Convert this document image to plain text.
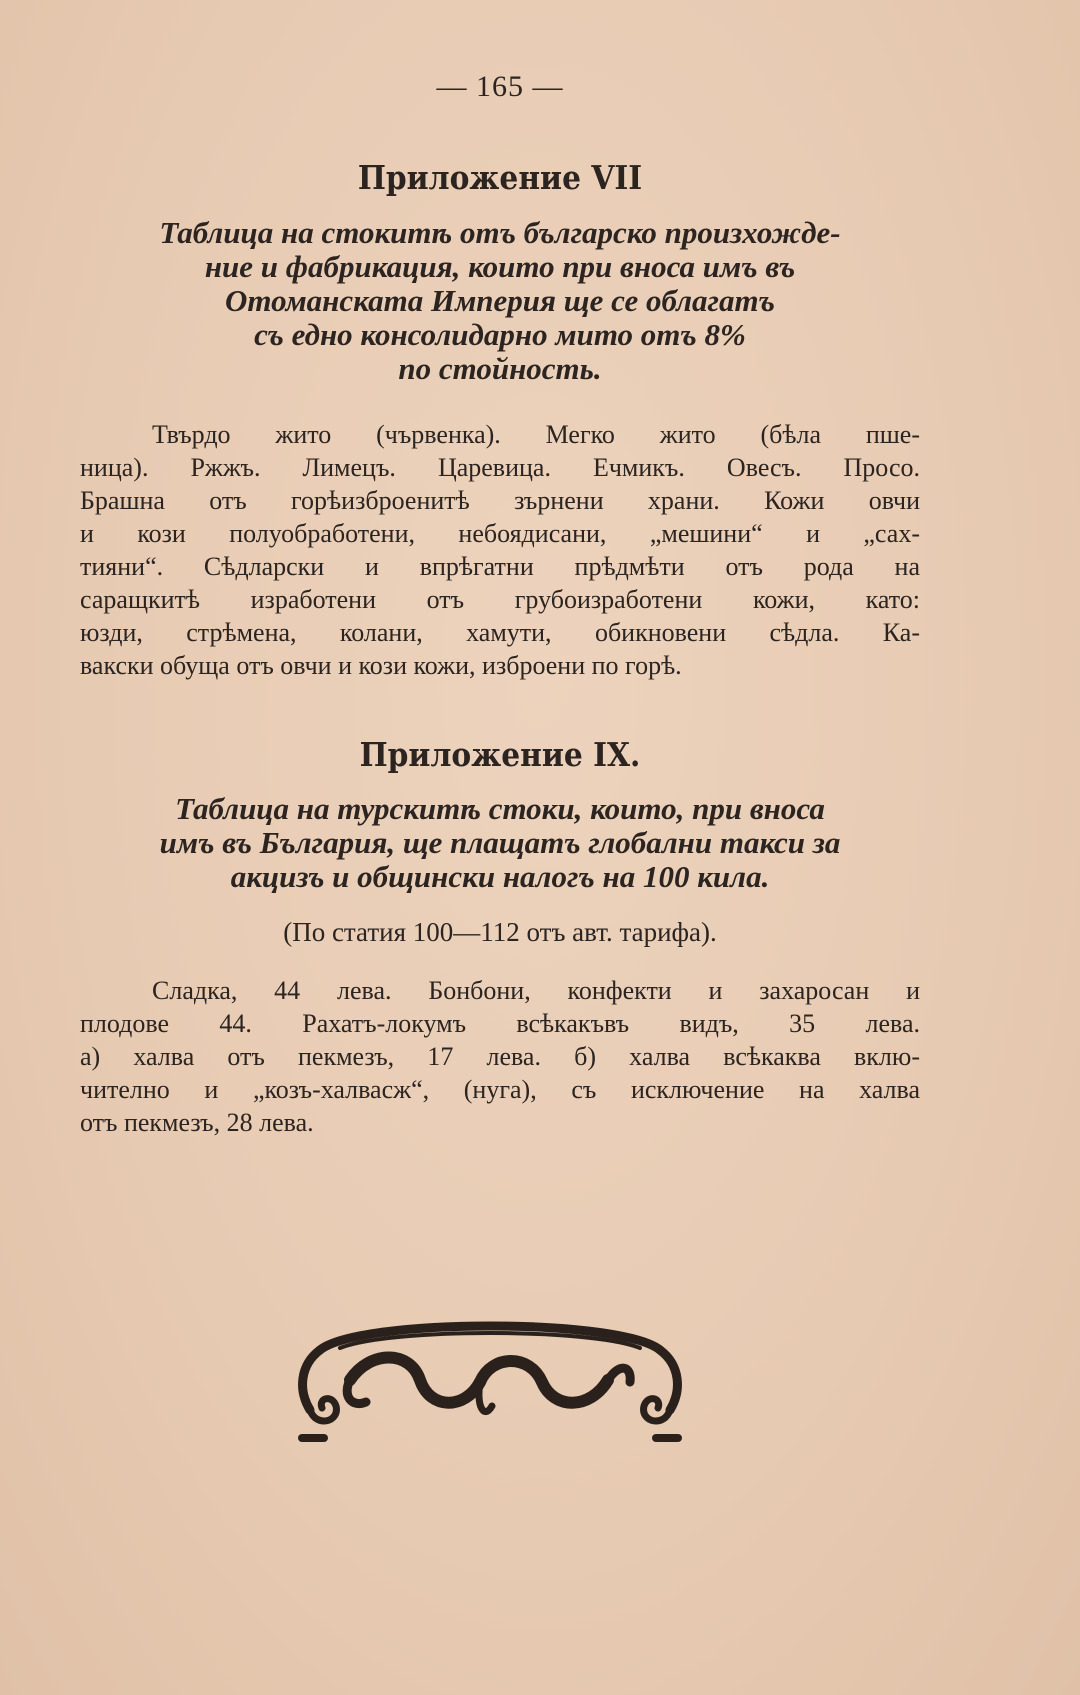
— 165 —
Приложение VII
Таблица на стокитѣ отъ българско произхождe-
ние и фабрикация, които при вноса имъ въ
Отоманската Империя ще се облагатъ
съ едно консолидарно мито отъ 8%
по стойность.
Твърдо жито (чървенка). Мегко жито (бѣла пше-
ница). Ржжъ. Лимецъ. Царевица. Ечмикъ. Овесъ. Просо.
Брашна отъ горѣизброенитѣ зърнени храни. Кожи овчи
и кози полуобработени, небоядисани, „мешини“ и „сах-
тияни“. Сѣдларски и впрѣгатни прѣдмѣти отъ рода на
саращкитѣ изработени отъ грубоизработени кожи, като:
юзди, стрѣмена, колани, хамути, обикновени сѣдла. Ка-
вакски обуща отъ овчи и кози кожи, изброени по горѣ.
Приложение IX.
Таблица на турскитѣ стоки, които, при вноса
имъ въ България, ще плащатъ глобални такси за
акцизъ и общински налогъ на 100 кила.
(По статия 100—112 отъ авт. тарифа).
Сладка, 44 лева. Бонбони, конфекти и захаросан и
плодове 44. Рахатъ-локумъ всѣкакъвъ видъ, 35 лева.
а) халва отъ пекмезъ, 17 лева. б) халва всѣкаква вклю-
чително и „козъ-халвасж“, (нуга), съ исключение на халва
отъ пекмезъ, 28 лева.
